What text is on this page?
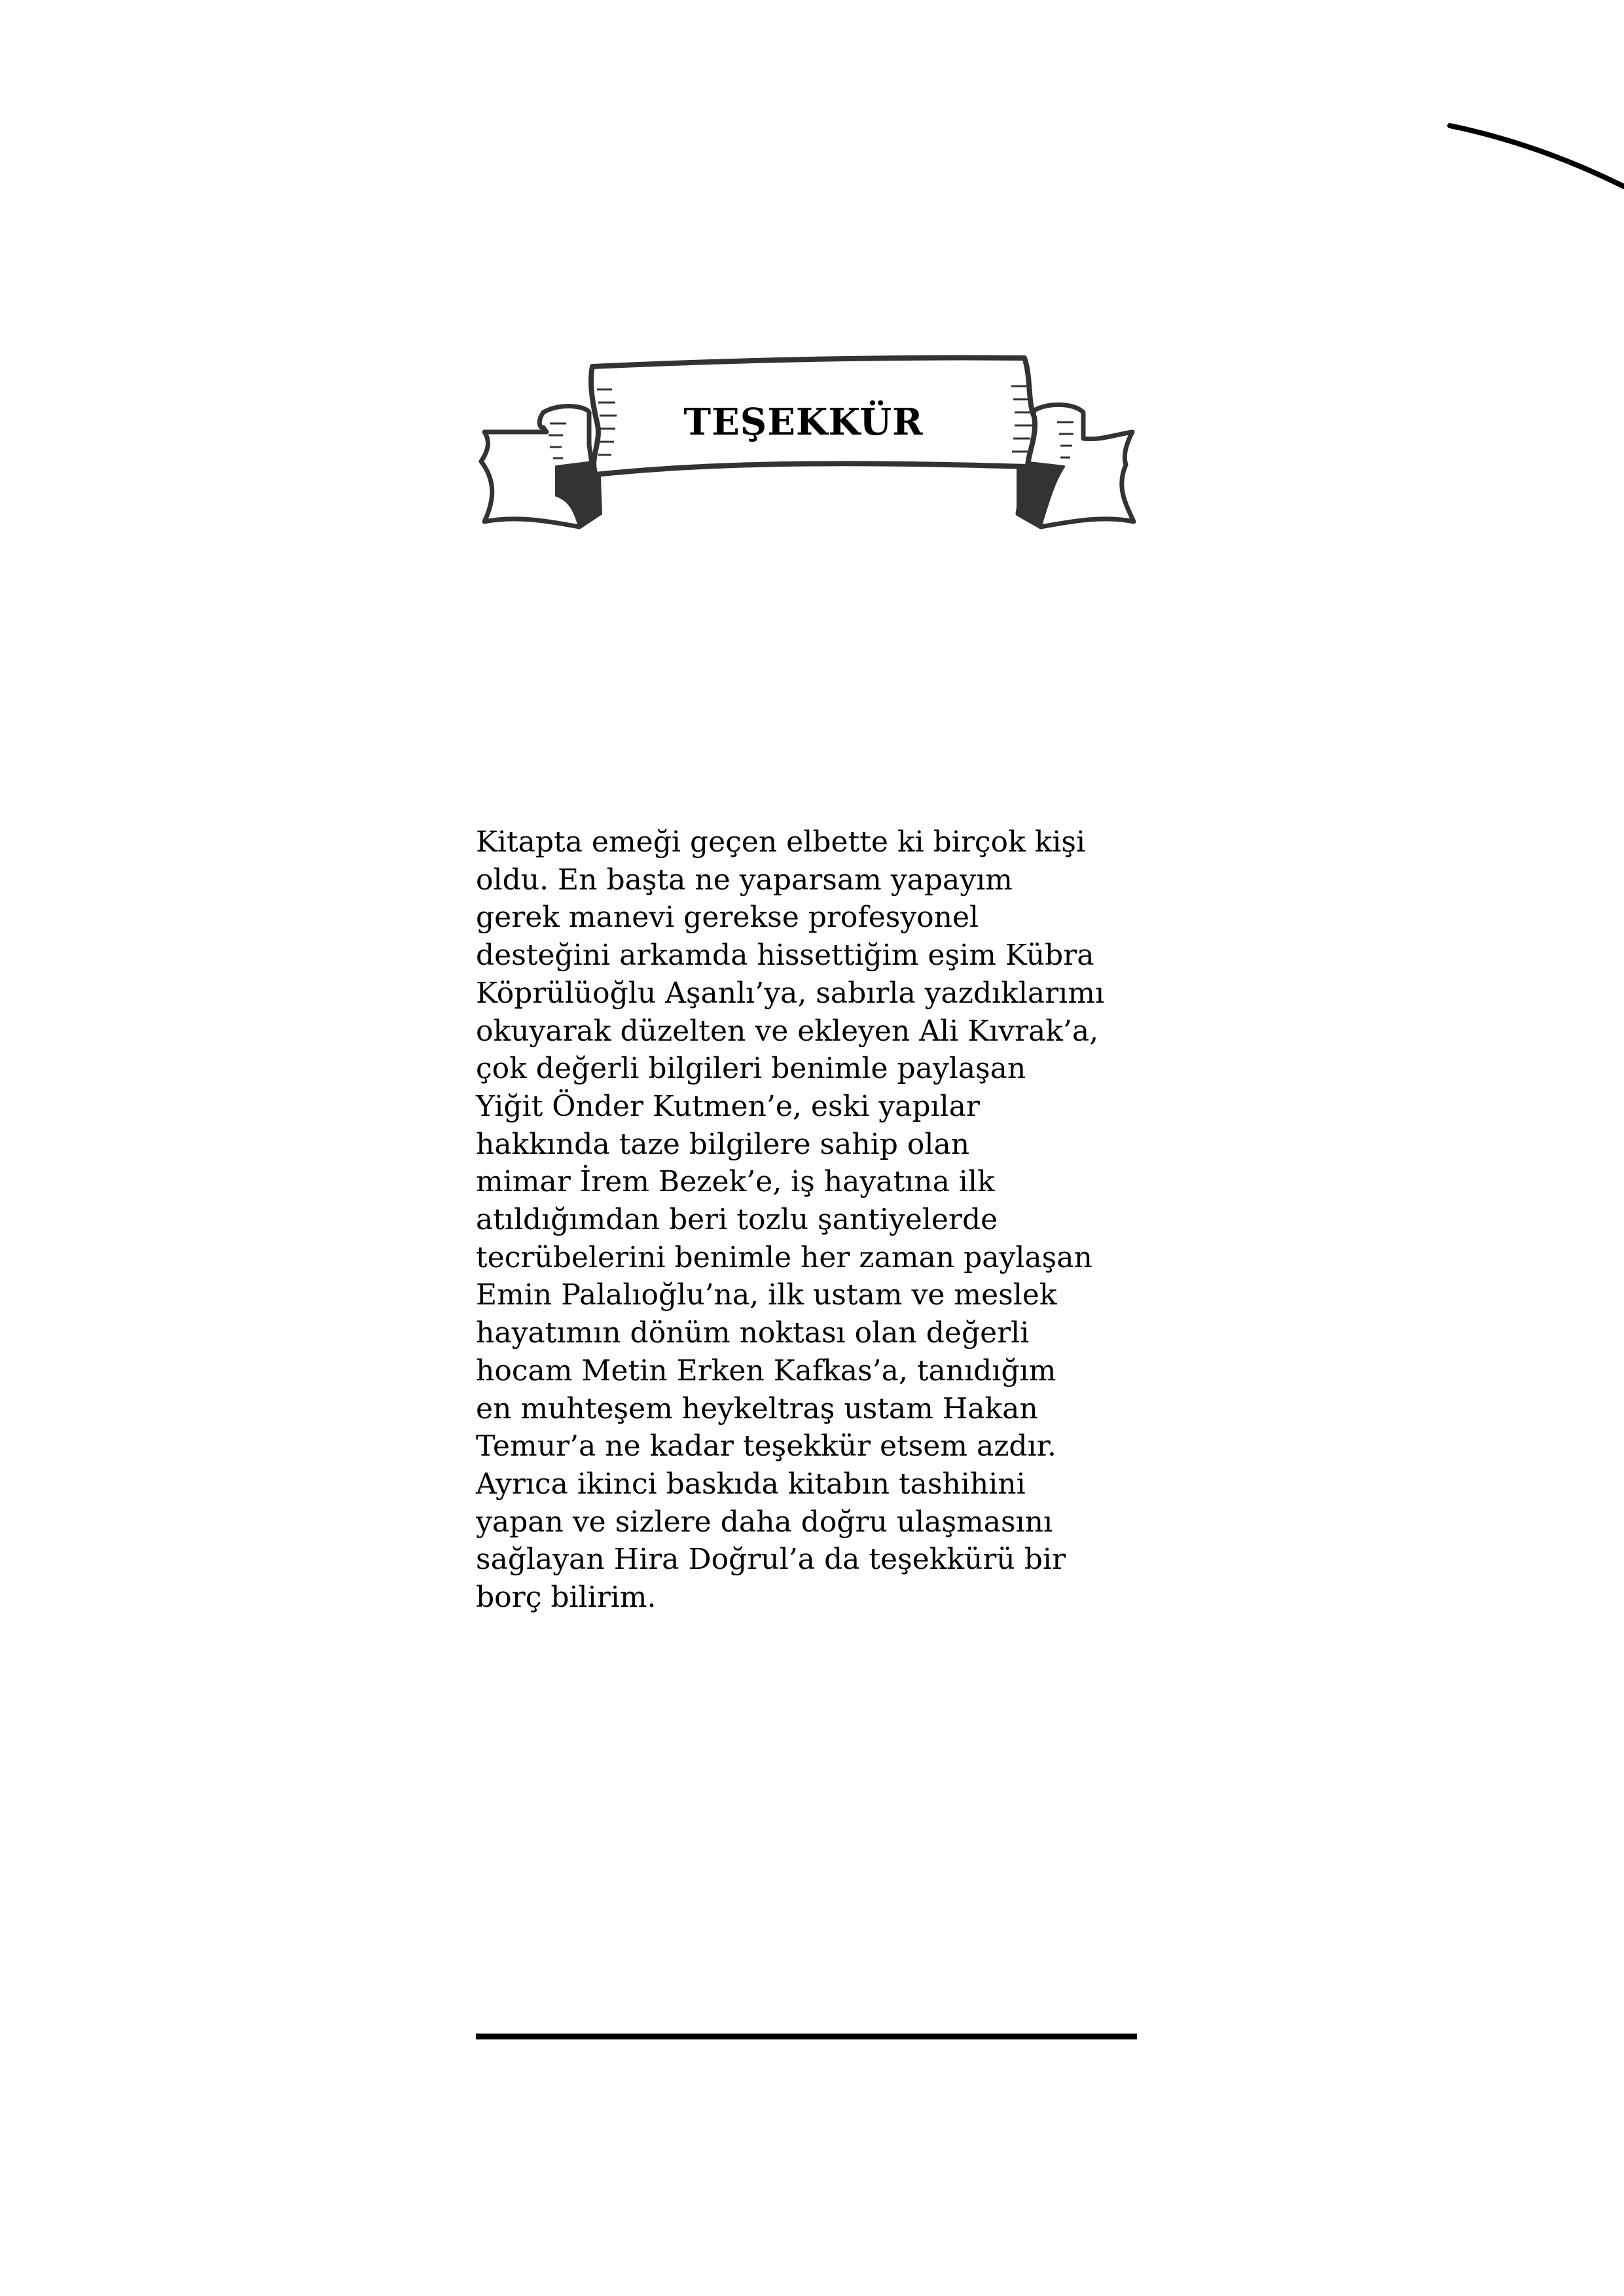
TEŞEKKÜR

Kitapta emeği geçen elbette ki birçok kişi
oldu. En başta ne yaparsam yapayım
gerek manevi gerekse profesyonel
desteğini arkamda hissettiğim eşim Kübra
Köprülüoğlu Aşanlı’ya, sabırla yazdıklarımı
okuyarak düzelten ve ekleyen Ali Kıvrak’a,
çok değerli bilgileri benimle paylaşan
Yiğit Önder Kutmen’e, eski yapılar
hakkında taze bilgilere sahip olan
mimar İrem Bezek’e, iş hayatına ilk
atıldığımdan beri tozlu şantiyelerde
tecrübelerini benimle her zaman paylaşan
Emin Palalıoğlu’na, ilk ustam ve meslek
hayatımın dönüm noktası olan değerli
hocam Metin Erken Kafkas’a, tanıdığım
en muhteşem heykeltraş ustam Hakan
Temur’a ne kadar teşekkür etsem azdır.
Ayrıca ikinci baskıda kitabın tashihini
yapan ve sizlere daha doğru ulaşmasını
sağlayan Hira Doğrul’a da teşekkürü bir
borç bilirim.
